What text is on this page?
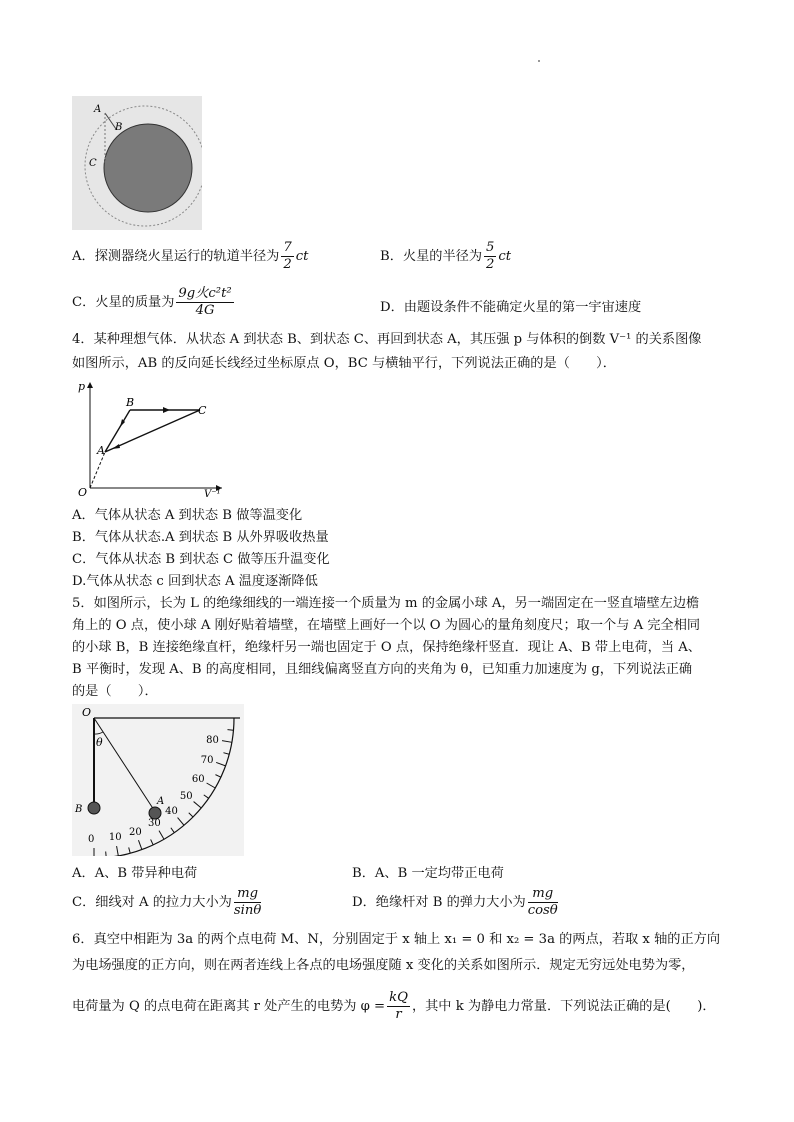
A
B
C
A．探测器绕火星运行的轨道半径为 $\frac{7}{2}$ ct	B．火星的半径为 $\frac{5}{2}$ ct
C．火星的质量为 $\frac{\text{9g火c²t²}}{4G}$	D．由题设条件不能确定火星的第一宇宙速度
4．某种理想气体．从状态 A 到状态 B、到状态 C、再回到状态 A，其压强 p 与体积的倒数 V⁻¹ 的关系图像
如图所示，AB 的反向延长线经过坐标原点 O，BC 与横轴平行，下列说法正确的是（　　）．
p
V⁻¹
O
A
B
C
A．气体从状态 A 到状态 B 做等温变化
B．气体从状态.A 到状态 B 从外界吸收热量
C．气体从状态 B 到状态 C 做等压升温变化
D.气体从状态 c 回到状态 A 温度逐渐降低
5．如图所示，长为 L 的绝缘细线的一端连接一个质量为 m 的金属小球 A，另一端固定在一竖直墙壁左边檐
角上的 O 点，使小球 A 刚好贴着墙壁，在墙壁上画好一个以 O 为圆心的量角刻度尺；取一个与 A 完全相同
的小球 B，B 连接绝缘直杆，绝缘杆另一端也固定于 O 点，保持绝缘杆竖直．现让 A、B 带上电荷，当 A、
B 平衡时，发现 A、B 的高度相同，且细线偏离竖直方向的夹角为 θ，已知重力加速度为 g，下列说法正确
的是（　　）．
O
θ
A
B
0 10 20
30
40
50
60
70
80
A．A、B 带异种电荷	B．A、B 一定均带正电荷
C．细线对 A 的拉力大小为 $\frac{mg}{\sin\theta}$	D．绝缘杆对 B 的弹力大小为 $\frac{mg}{\cos\theta}$
6．真空中相距为 3a 的两个点电荷 M、N，分别固定于 x 轴上 x₁ = 0 和 x₂ = 3a 的两点，若取 x 轴的正方向
为电场强度的正方向，则在两者连线上各点的电场强度随 x 变化的关系如图所示．规定无穷远处电势为零，
电荷量为 Q 的点电荷在距离其 r 处产生的电势为 $\varphi = \frac{kQ}{r}$ ，其中 k 为静电力常量．下列说法正确的是(　　)．
